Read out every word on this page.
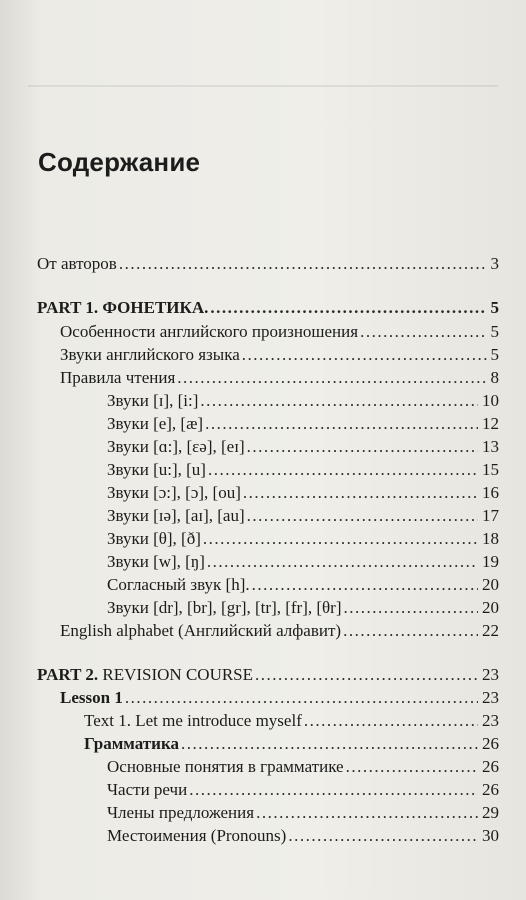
Содержание
От авторов .....	3
PART 1. ФОНЕТИКА. .....	5
Особенности английского произношения .....	5
Звуки английского языка .....	5
Правила чтения .....	8
Звуки [ɪ], [i:] .....	10
Звуки [e], [æ] .....	12
Звуки [ɑ:], [εə], [eɪ] .....	13
Звуки [u:], [u] .....	15
Звуки [ɔ:], [ɔ], [ou] .....	16
Звуки [ɪə], [aɪ], [au] .....	17
Звуки [θ], [ð] .....	18
Звуки [w], [ŋ] .....	19
Согласный звук [h]. .....	20
Звуки [dr], [br], [gr], [tr], [fr], [θr] .....	20
English alphabet (Английский алфавит) .....	22
PART 2. REVISION COURSE .....	23
Lesson 1 .....	23
Text 1. Let me introduce myself .....	23
Грамматика .....	26
Основные понятия в грамматике .....	26
Части речи .....	26
Члены предложения .....	29
Местоимения (Pronouns) .....	30
